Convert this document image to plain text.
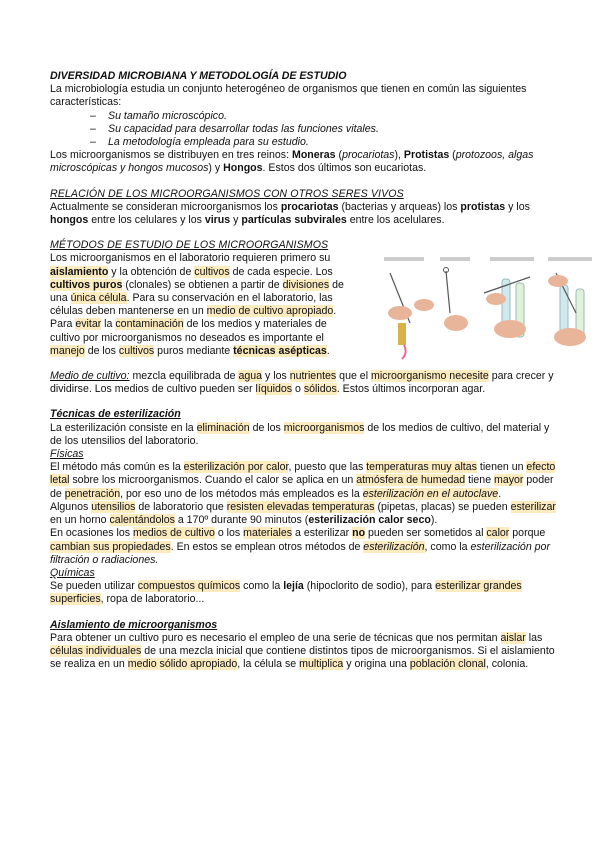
DIVERSIDAD MICROBIANA Y METODOLOGÍA DE ESTUDIO

La microbiología estudia un conjunto heterogéneo de organismos que tienen en común las siguientes características:

– Su tamaño microscópico.
– Su capacidad para desarrollar todas las funciones vitales.
– La metodología empleada para su estudio.

Los microorganismos se distribuyen en tres reinos: Moneras (procariotas), Protistas (protozoos, algas microscópicas y hongos mucosos) y Hongos. Estos dos últimos son eucariotas.

RELACIÓN DE LOS MICROORGANISMOS CON OTROS SERES VIVOS

Actualmente se consideran microorganismos los procariotas (bacterias y arqueas) los protistas y los hongos entre los celulares y los virus y partículas subvirales entre los acelulares.

MÉTODOS DE ESTUDIO DE LOS MICROORGANISMOS

Los microorganismos en el laboratorio requieren primero su aislamiento y la obtención de cultivos de cada especie. Los cultivos puros (clonales) se obtienen a partir de divisiones de una única célula. Para su conservación en el laboratorio, las células deben mantenerse en un medio de cultivo apropiado. Para evitar la contaminación de los medios y materiales de cultivo por microorganismos no deseados es importante el manejo de los cultivos puros mediante técnicas asépticas.

Medio de cultivo: mezcla equilibrada de agua y los nutrientes que el microorganismo necesite para crecer y dividirse. Los medios de cultivo pueden ser líquidos o sólidos. Estos últimos incorporan agar.

Técnicas de esterilización

La esterilización consiste en la eliminación de los microorganismos de los medios de cultivo, del material y de los utensilios del laboratorio.

Físicas

El método más común es la esterilización por calor, puesto que las temperaturas muy altas tienen un efecto letal sobre los microorganismos. Cuando el calor se aplica en un atmósfera de humedad tiene mayor poder de penetración, por eso uno de los métodos más empleados es la esterilización en el autoclave.

Algunos utensilios de laboratorio que resisten elevadas temperaturas (pipetas, placas) se pueden esterilizar en un horno calentándolos a 170º durante 90 minutos (esterilización calor seco).

En ocasiones los medios de cultivo o los materiales a esterilizar no pueden ser sometidos al calor porque cambian sus propiedades. En estos se emplean otros métodos de esterilización, como la esterilización por filtración o radiaciones.

Químicas

Se pueden utilizar compuestos químicos como la lejía (hipoclorito de sodio), para esterilizar grandes superficies, ropa de laboratorio...

Aislamiento de microorganismos

Para obtener un cultivo puro es necesario el empleo de una serie de técnicas que nos permitan aislar las células individuales de una mezcla inicial que contiene distintos tipos de microorganismos. Si el aislamiento se realiza en un medio sólido apropiado, la célula se multiplica y origina una población clonal, colonia.
